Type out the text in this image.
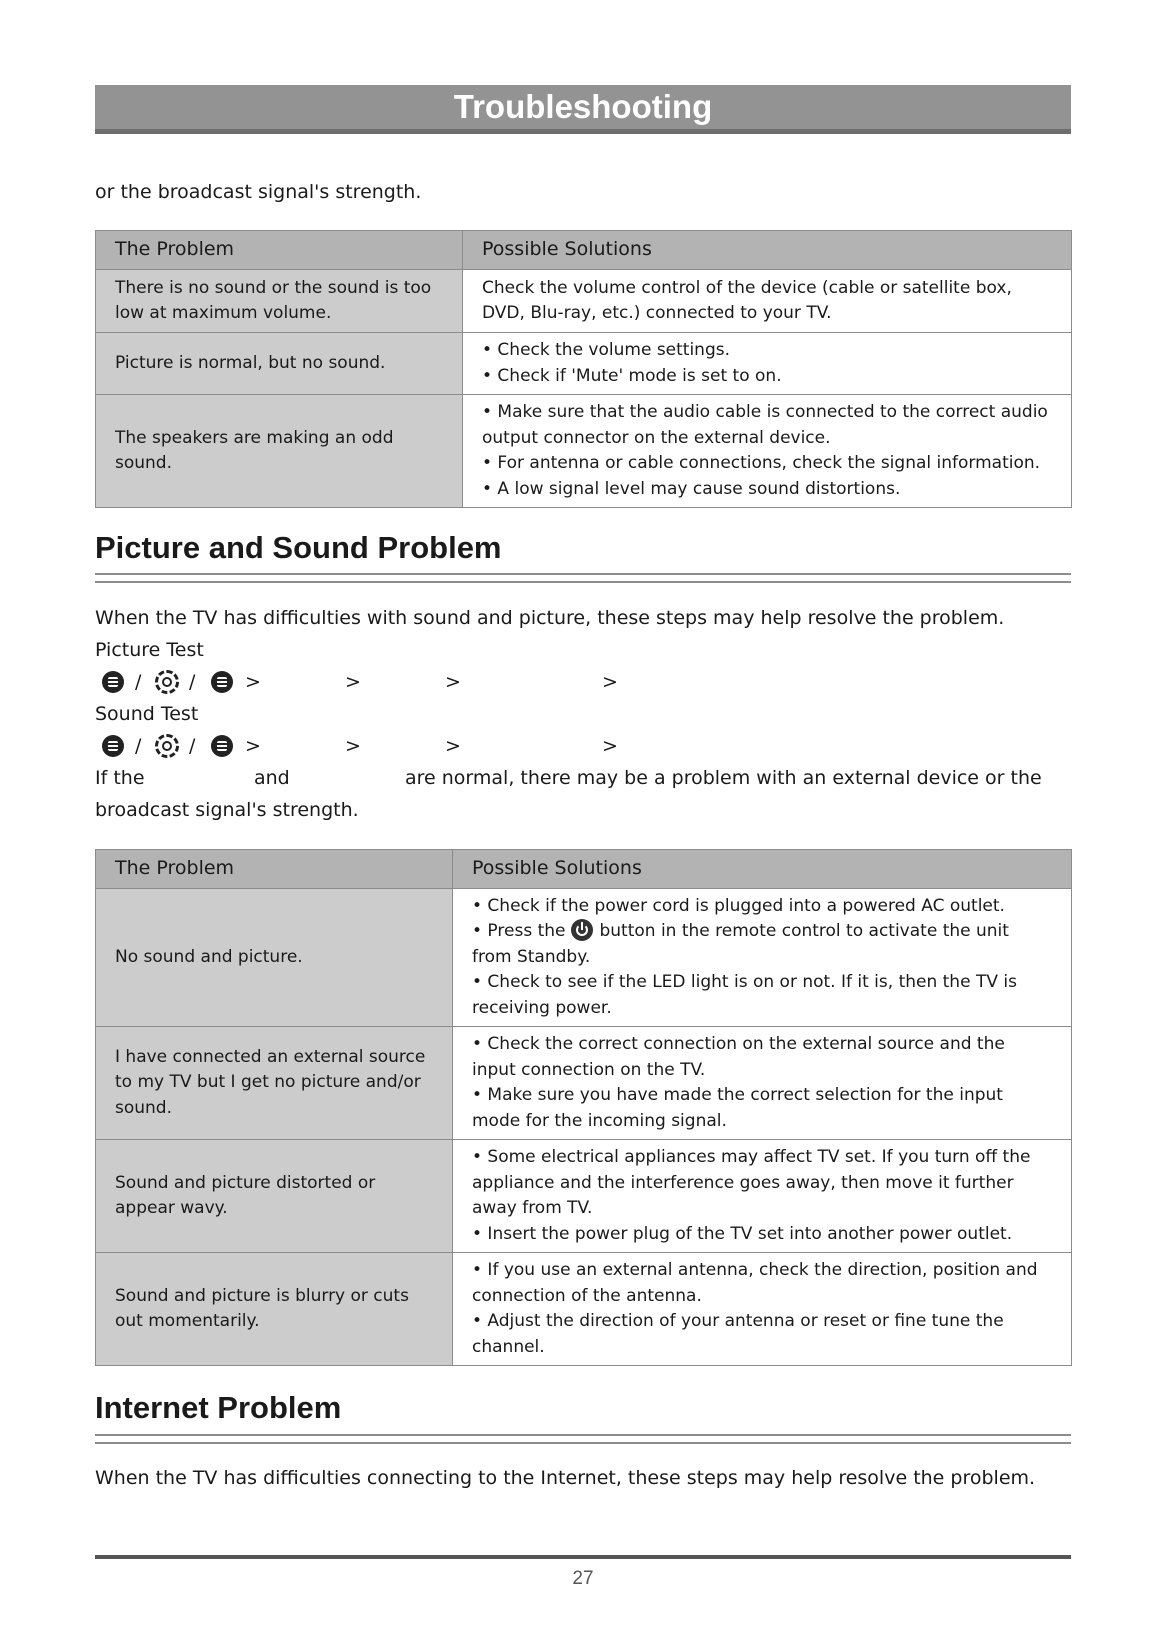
Troubleshooting

or the broadcast signal's strength.

The Problem	Possible Solutions
There is no sound or the sound is too low at maximum volume.	Check the volume control of the device (cable or satellite box, DVD, Blu-ray, etc.) connected to your TV.

Picture is normal, but no sound.	• Check the volume settings.
• Check if 'Mute' mode is set to on.

The speakers are making an odd sound.	• Make sure that the audio cable is connected to the correct audio output connector on the external device.
• For antenna or cable connections, check the signal information.
• A low signal level may cause sound distortions.
Picture and Sound Problem

When the TV has difficulties with sound and picture, these steps may help resolve the problem.

Picture Test

/	/	>	>	>	>

Sound Test

/	/	>	>	>	>
If the	and	are normal, there may be a problem with an external device or the

broadcast signal's strength.

The Problem	Possible Solutions
No sound and picture.	• Check if the power cord is plugged into a powered AC outlet.
• Press the button in the remote control to activate the unit from Standby.
• Check to see if the LED light is on or not. If it is, then the TV is receiving power.

I have connected an external source to my TV but I get no picture and/or sound.	• Check the correct connection on the external source and the input connection on the TV.
• Make sure you have made the correct selection for the input mode for the incoming signal.

Sound and picture distorted or appear wavy.	• Some electrical appliances may affect TV set. If you turn off the appliance and the interference goes away, then move it further away from TV.
• Insert the power plug of the TV set into another power outlet.

Sound and picture is blurry or cuts out momentarily.	• If you use an external antenna, check the direction, position and connection of the antenna.
• Adjust the direction of your antenna or reset or fine tune the channel.
Internet Problem

When the TV has difficulties connecting to the Internet, these steps may help resolve the problem.

27
